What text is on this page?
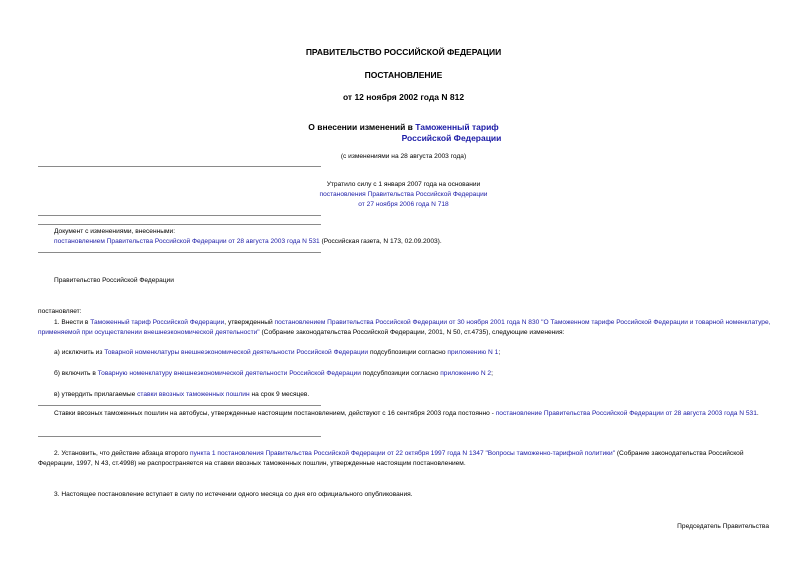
ПРАВИТЕЛЬСТВО РОССИЙСКОЙ ФЕДЕРАЦИИ
ПОСТАНОВЛЕНИЕ
от 12 ноября 2002 года N 812
О внесении изменений в Таможенный тариф
Российской Федерации
(с изменениями на 28 августа 2003 года)
Утратило силу с 1 января 2007 года на основании
постановления Правительства Российской Федерации
от 27 ноября 2006 года N 718
Документ с изменениями, внесенными:
постановлением Правительства Российской Федерации от 28 августа 2003 года N 531 (Российская газета, N 173, 02.09.2003).
Правительство Российской Федерации
постановляет:
1. Внести в Таможенный тариф Российской Федерации, утвержденный постановлением Правительства Российской Федерации от 30 ноября 2001 года N 830 "О Таможенном тарифе Российской Федерации и товарной номенклатуре, применяемой при осуществлении внешнеэкономической деятельности" (Собрание законодательства Российской Федерации, 2001, N 50, ст.4735), следующие изменения:
а) исключить из Товарной номенклатуры внешнеэкономической деятельности Российской Федерации подсубпозиции согласно приложению N 1;
б) включить в Товарную номенклатуру внешнеэкономической деятельности Российской Федерации подсубпозиции согласно приложению N 2;
в) утвердить прилагаемые ставки ввозных таможенных пошлин на срок 9 месяцев.
Ставки ввозных таможенных пошлин на автобусы, утвержденные настоящим постановлением, действуют с 16 сентября 2003 года постоянно - постановление Правительства Российской Федерации от 28 августа 2003 года N 531.
2. Установить, что действие абзаца второго пункта 1 постановления Правительства Российской Федерации от 22 октября 1997 года N 1347 "Вопросы таможенно-тарифной политики" (Собрание законодательства Российской Федерации, 1997, N 43, ст.4998) не распространяется на ставки ввозных таможенных пошлин, утвержденные настоящим постановлением.
3. Настоящее постановление вступает в силу по истечении одного месяца со дня его официального опубликования.
Председатель Правительства
